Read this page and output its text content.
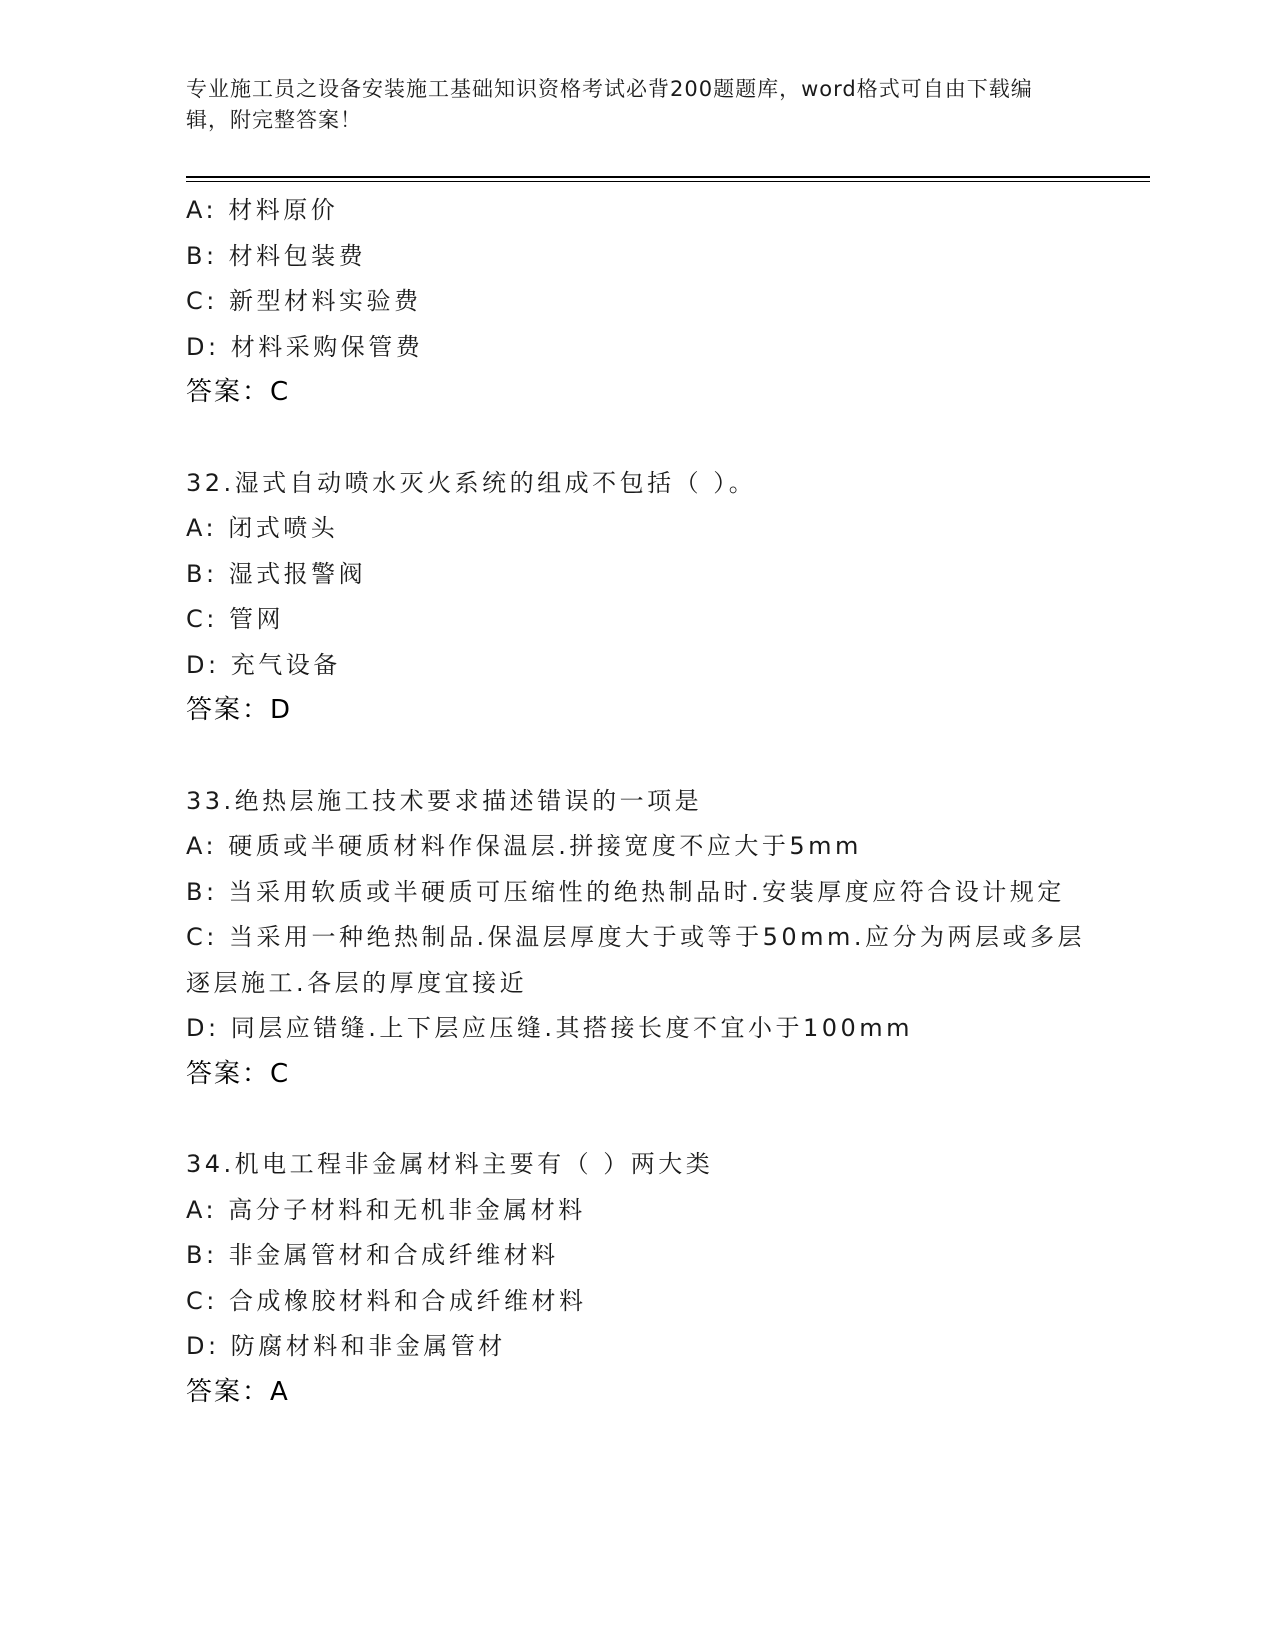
专业施工员之设备安装施工基础知识资格考试必背200题题库，word格式可自由下载编辑，附完整答案！
A: 材料原价
B: 材料包装费
C: 新型材料实验费
D: 材料采购保管费
答案：C
32.湿式自动喷水灭火系统的组成不包括（ ）。
A: 闭式喷头
B: 湿式报警阀
C: 管网
D: 充气设备
答案：D
33.绝热层施工技术要求描述错误的一项是
A: 硬质或半硬质材料作保温层.拼接宽度不应大于5mm
B: 当采用软质或半硬质可压缩性的绝热制品时.安装厚度应符合设计规定
C: 当采用一种绝热制品.保温层厚度大于或等于50mm.应分为两层或多层逐层施工.各层的厚度宜接近
D: 同层应错缝.上下层应压缝.其搭接长度不宜小于100mm
答案：C
34.机电工程非金属材料主要有（ ）两大类
A: 高分子材料和无机非金属材料
B: 非金属管材和合成纤维材料
C: 合成橡胶材料和合成纤维材料
D: 防腐材料和非金属管材
答案：A
